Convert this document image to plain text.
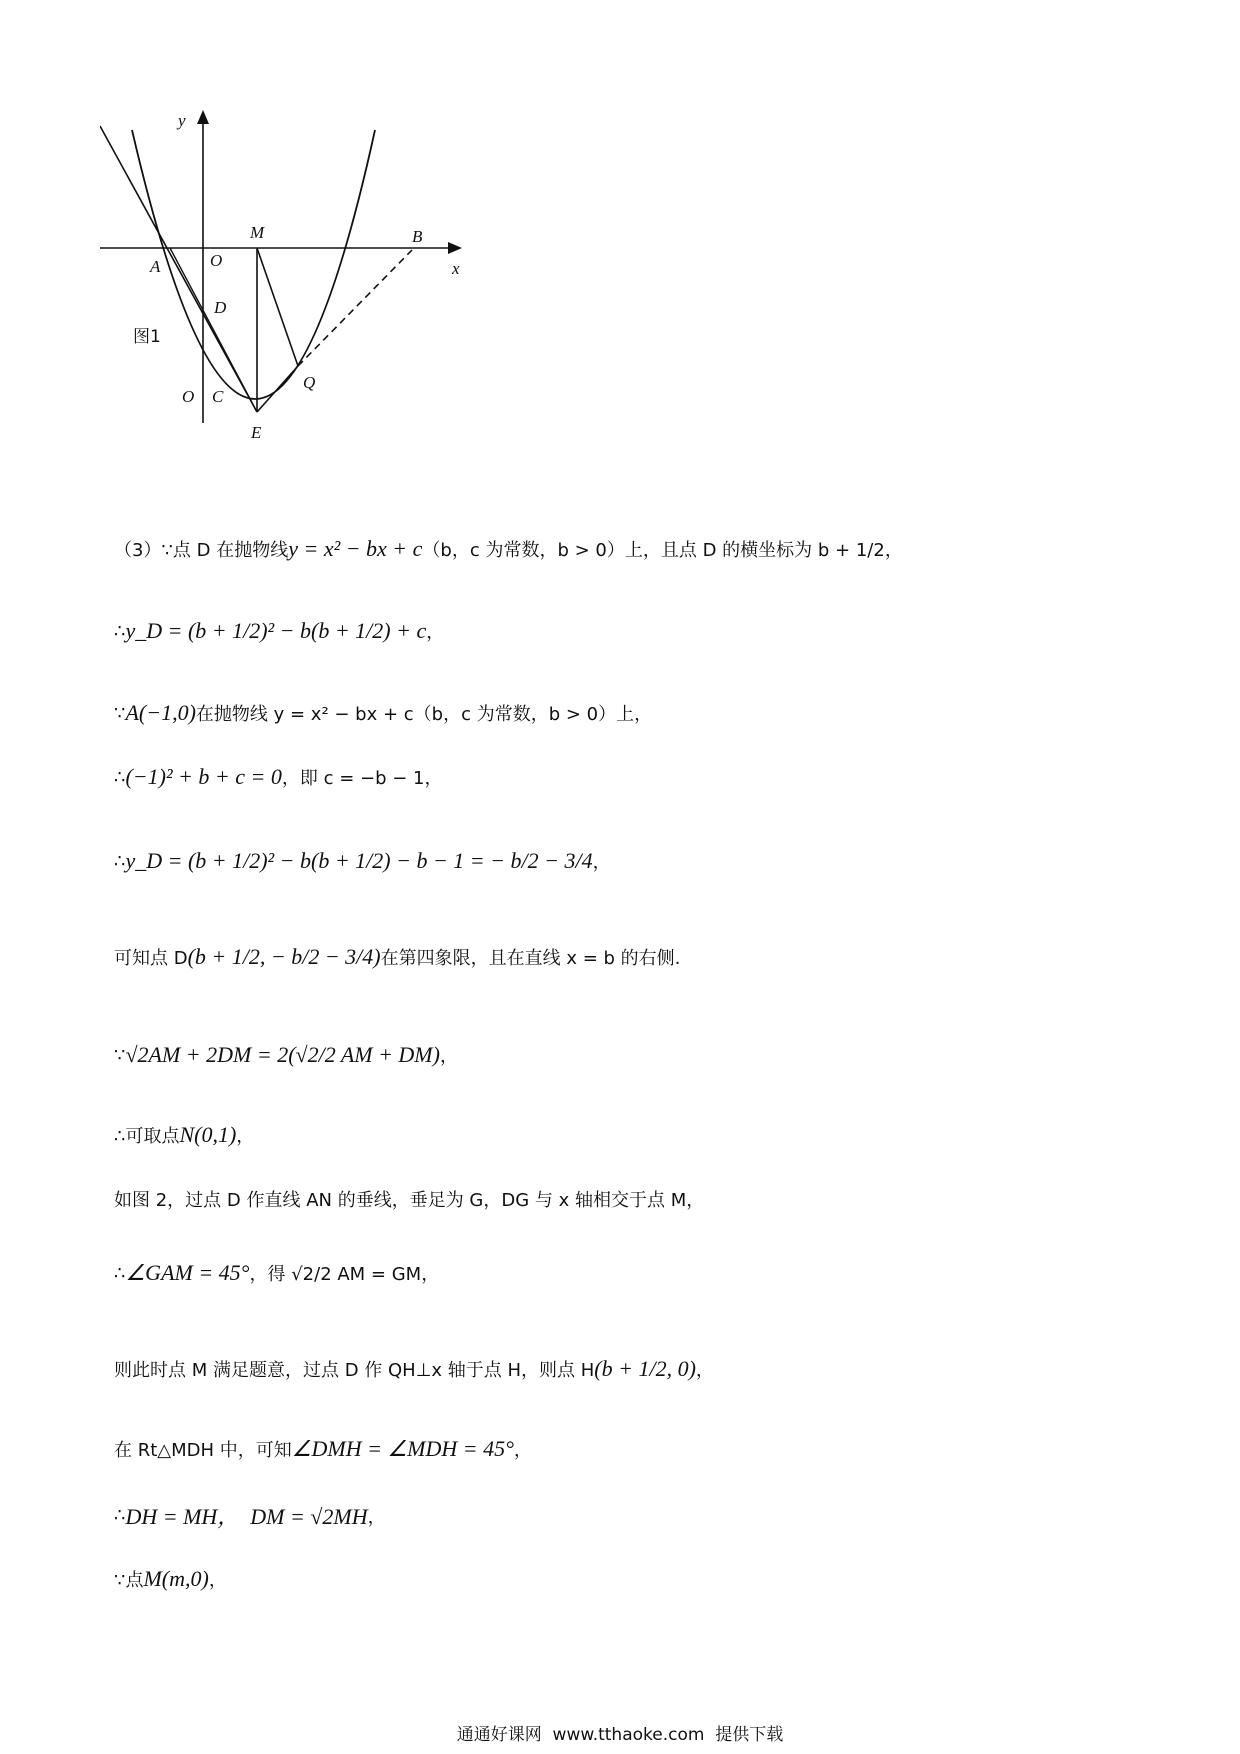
y
x
M	B
A	O
D
图1
Q
O C
E
（3）∵点 D 在抛物线 y = x² − bx + c （b，c 为常数，b > 0）上，且点 D 的横坐标为 b + 1/2，
∴ y_D = (b + 1/2)² − b(b + 1/2) + c ，
∵ A(−1,0) 在抛物线 y = x² − bx + c（b，c 为常数，b > 0）上，
∴ (−1)² + b + c = 0 ，即 c = −b − 1，
∴ y_D = (b + 1/2)² − b(b + 1/2) − b − 1 = − b/2 − 3/4 ，
可知点 D (b + 1/2, − b/2 − 3/4) 在第四象限，且在直线 x = b 的右侧.
∵ √2AM + 2DM = 2(√2/2 AM + DM) ，
∴可取点 N(0,1) ，
如图 2，过点 D 作直线 AN 的垂线，垂足为 G，DG 与 x 轴相交于点 M，
∴ ∠GAM = 45° ，得 √2/2 AM = GM，
则此时点 M 满足题意，过点 D 作 QH⊥x 轴于点 H，则点 H (b + 1/2, 0) ，
在 Rt△MDH 中，可知 ∠DMH = ∠MDH = 45° ，
∴ DH = MH，  DM = √2MH ，
∵点 M(m,0) ，
通通好课网 www.tthaoke.com 提供下载
